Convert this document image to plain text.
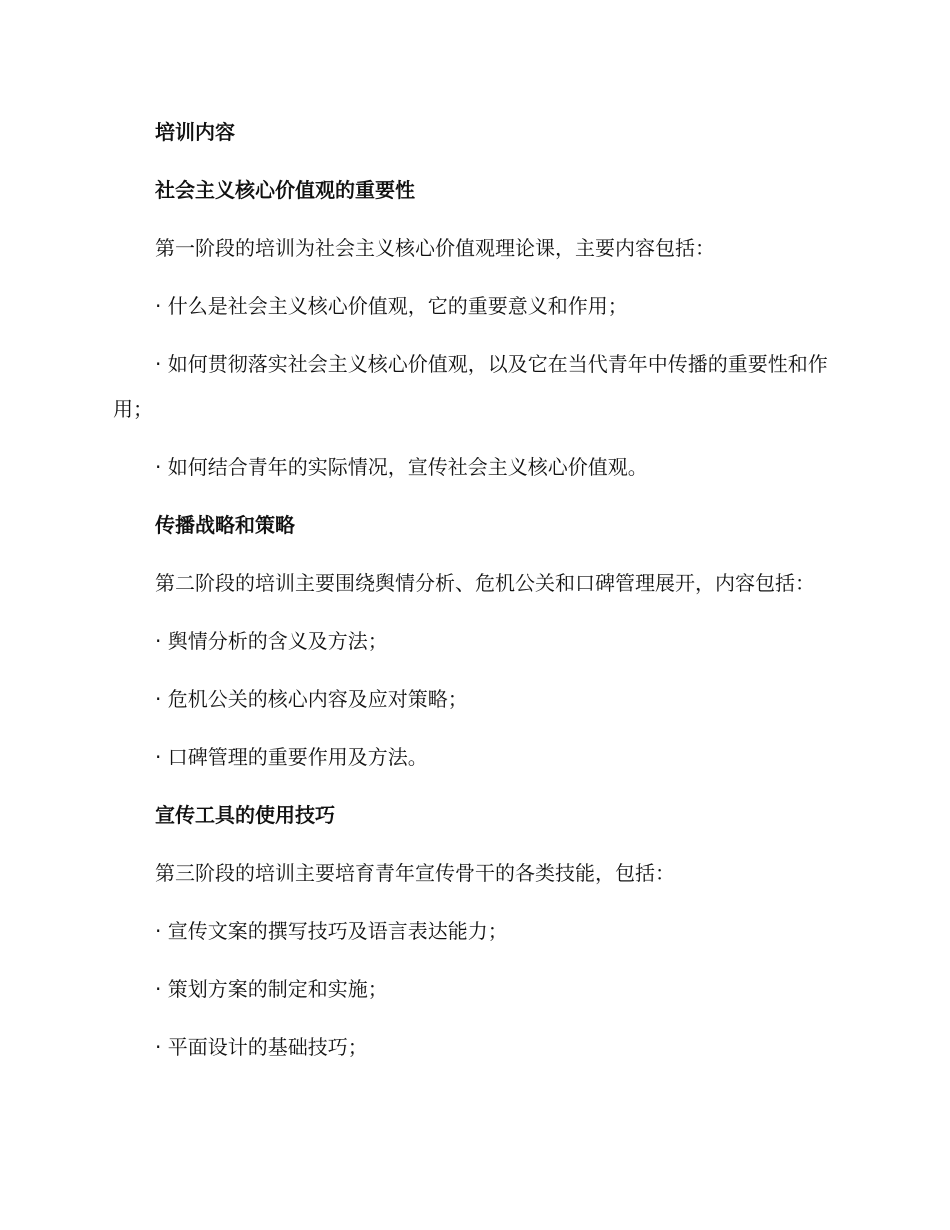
培训内容

社会主义核心价值观的重要性

第一阶段的培训为社会主义核心价值观理论课，主要内容包括：

· 什么是社会主义核心价值观，它的重要意义和作用；

· 如何贯彻落实社会主义核心价值观，以及它在当代青年中传播的重要性和作用；

· 如何结合青年的实际情况，宣传社会主义核心价值观。

传播战略和策略

第二阶段的培训主要围绕舆情分析、危机公关和口碑管理展开，内容包括：

· 舆情分析的含义及方法；

· 危机公关的核心内容及应对策略；

· 口碑管理的重要作用及方法。

宣传工具的使用技巧

第三阶段的培训主要培育青年宣传骨干的各类技能，包括：

· 宣传文案的撰写技巧及语言表达能力；

· 策划方案的制定和实施；

· 平面设计的基础技巧；
